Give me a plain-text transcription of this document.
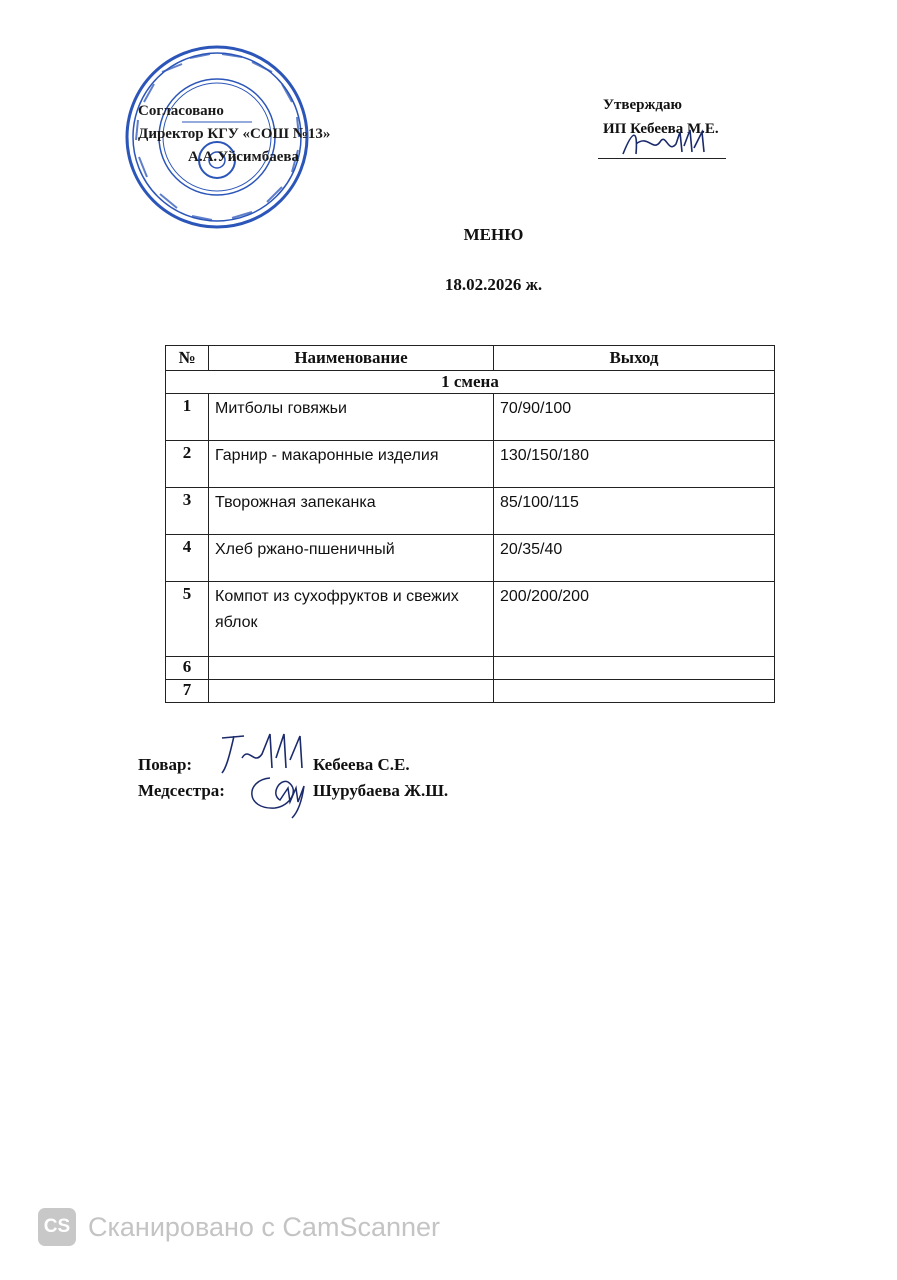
Согласовано
Директор КГУ «СОШ №13»
А.А.Уйсимбаева
Утверждаю
ИП Кебеева М.Е.
МЕНЮ
18.02.2026 ж.
№	Наименование	Выход
1 смена		
1	Митболы говяжьи	70/90/100
2	Гарнир - макаронные изделия	130/150/180
3	Творожная запеканка	85/100/115
4	Хлеб ржано-пшеничный	20/35/40
5	Компот из сухофруктов и свежих яблок	200/200/200
6		
7		
Повар:	Кебеева С.Е.
Медсестра:	Шурубаева Ж.Ш.
CS Сканировано с CamScanner
